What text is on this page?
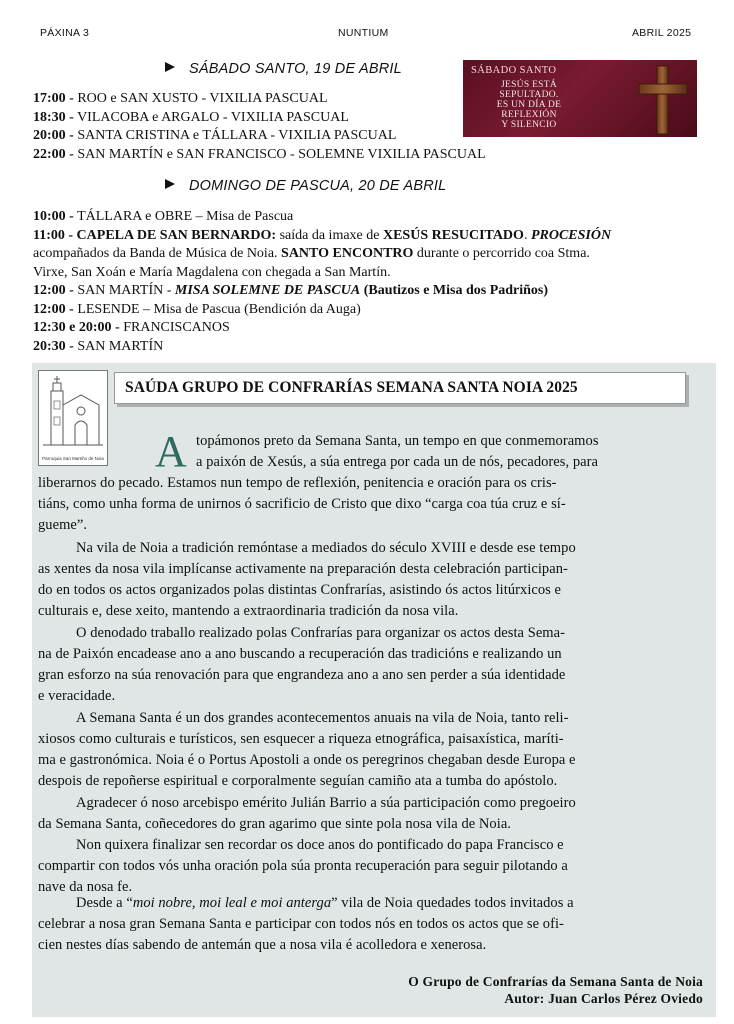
PÁXINA 3	NUNTIUM	ABRIL 2025
SÁBADO SANTO, 19 DE ABRIL
17:00 - ROO e SAN XUSTO - VIXILIA PASCUAL
18:30 - VILACOBA e ARGALO - VIXILIA PASCUAL
20:00 - SANTA CRISTINA e TÁLLARA - VIXILIA PASCUAL
22:00 - SAN MARTÍN e SAN FRANCISCO - SOLEMNE VIXILIA PASCUAL
SÁBADO SANTO
JESÚS ESTÁ
SEPULTADO.
ES UN DÍA DE
REFLEXIÓN
Y SILENCIO
DOMINGO DE PASCUA, 20 DE ABRIL
10:00 - TÁLLARA e OBRE – Misa de Pascua
11:00 - CAPELA DE SAN BERNARDO: saída da imaxe de XESÚS RESUCITADO. PROCESIÓN
acompañados da Banda de Música de Noia. SANTO ENCONTRO durante o percorrido coa Stma.
Virxe, San Xoán e María Magdalena con chegada a San Martín.
12:00 - SAN MARTÍN - MISA SOLEMNE DE PASCUA (Bautizos e Misa dos Padriños)
12:00 - LESENDE – Misa de Pascua (Bendición da Auga)
12:30 e 20:00 - FRANCISCANOS
20:30 - SAN MARTÍN
Parroquia San Martiño de Noia
SAÚDA GRUPO DE CONFRARÍAS SEMANA SANTA NOIA 2025
A topámonos preto da Semana Santa, un tempo en que conmemoramos
a paixón de Xesús, a súa entrega por cada un de nós, pecadores, para
liberarnos do pecado. Estamos nun tempo de reflexión, penitencia e oración para os cris-
tiáns, como unha forma de unirnos ó sacrificio de Cristo que dixo “carga coa túa cruz e sí-
gueme”.
Na vila de Noia a tradición remóntase a mediados do século XVIII e desde ese tempo
as xentes da nosa vila implícanse activamente na preparación desta celebración participan-
do en todos os actos organizados polas distintas Confrarías, asistindo ós actos litúrxicos e
culturais e, dese xeito, mantendo a extraordinaria tradición da nosa vila.
O denodado traballo realizado polas Confrarías para organizar os actos desta Sema-
na de Paixón encadease ano a ano buscando a recuperación das tradicións e realizando un
gran esforzo na súa renovación para que engrandeza ano a ano sen perder a súa identidade
e veracidade.
A Semana Santa é un dos grandes acontecementos anuais na vila de Noia, tanto reli-
xiosos como culturais e turísticos, sen esquecer a riqueza etnográfica, paisaxística, maríti-
ma e gastronómica. Noia é o Portus Apostoli a onde os peregrinos chegaban desde Europa e
despois de repoñerse espiritual e corporalmente seguían camiño ata a tumba do apóstolo.
Agradecer ó noso arcebispo emérito Julián Barrio a súa participación como pregoeiro
da Semana Santa, coñecedores do gran agarimo que sinte pola nosa vila de Noia.
Non quixera finalizar sen recordar os doce anos do pontificado do papa Francisco e
compartir con todos vós unha oración pola súa pronta recuperación para seguir pilotando a
nave da nosa fe.
Desde a “moi nobre, moi leal e moi anterga” vila de Noia quedades todos invitados a
celebrar a nosa gran Semana Santa e participar con todos nós en todos os actos que se ofi-
cien nestes días sabendo de antemán que a nosa vila é acolledora e xenerosa.
O Grupo de Confrarías da Semana Santa de Noia
Autor: Juan Carlos Pérez Oviedo
